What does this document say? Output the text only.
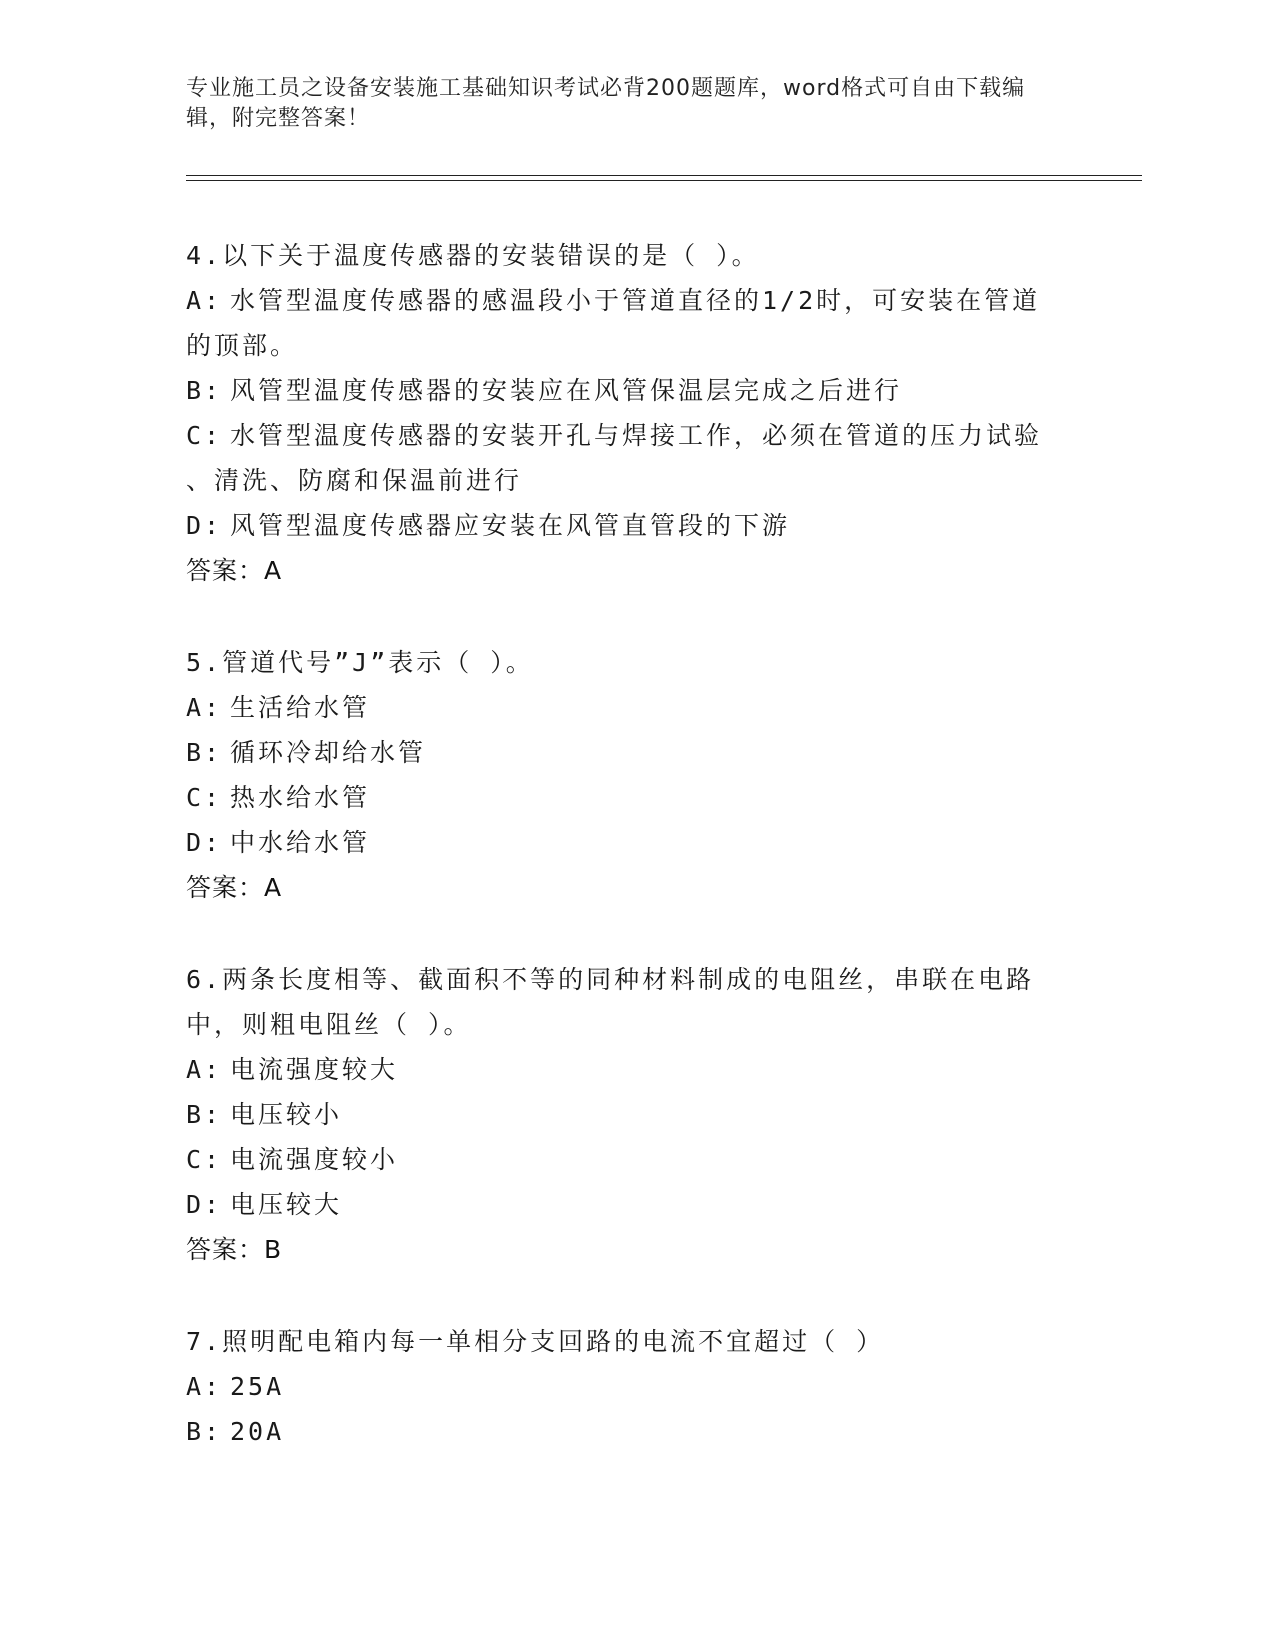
专业施工员之设备安装施工基础知识考试必背200题题库，word格式可自由下载编辑，附完整答案！
4.以下关于温度传感器的安装错误的是（ ）。
A: 水管型温度传感器的感温段小于管道直径的1/2时，可安装在管道
的顶部。
B: 风管型温度传感器的安装应在风管保温层完成之后进行
C: 水管型温度传感器的安装开孔与焊接工作，必须在管道的压力试验
、清洗、防腐和保温前进行
D: 风管型温度传感器应安装在风管直管段的下游
答案：A
5.管道代号”J”表示（ ）。
A: 生活给水管
B: 循环冷却给水管
C: 热水给水管
D: 中水给水管
答案：A
6.两条长度相等、截面积不等的同种材料制成的电阻丝，串联在电路
中，则粗电阻丝（ ）。
A: 电流强度较大
B: 电压较小
C: 电流强度较小
D: 电压较大
答案：B
7.照明配电箱内每一单相分支回路的电流不宜超过（ ）
A: 25A
B: 20A
